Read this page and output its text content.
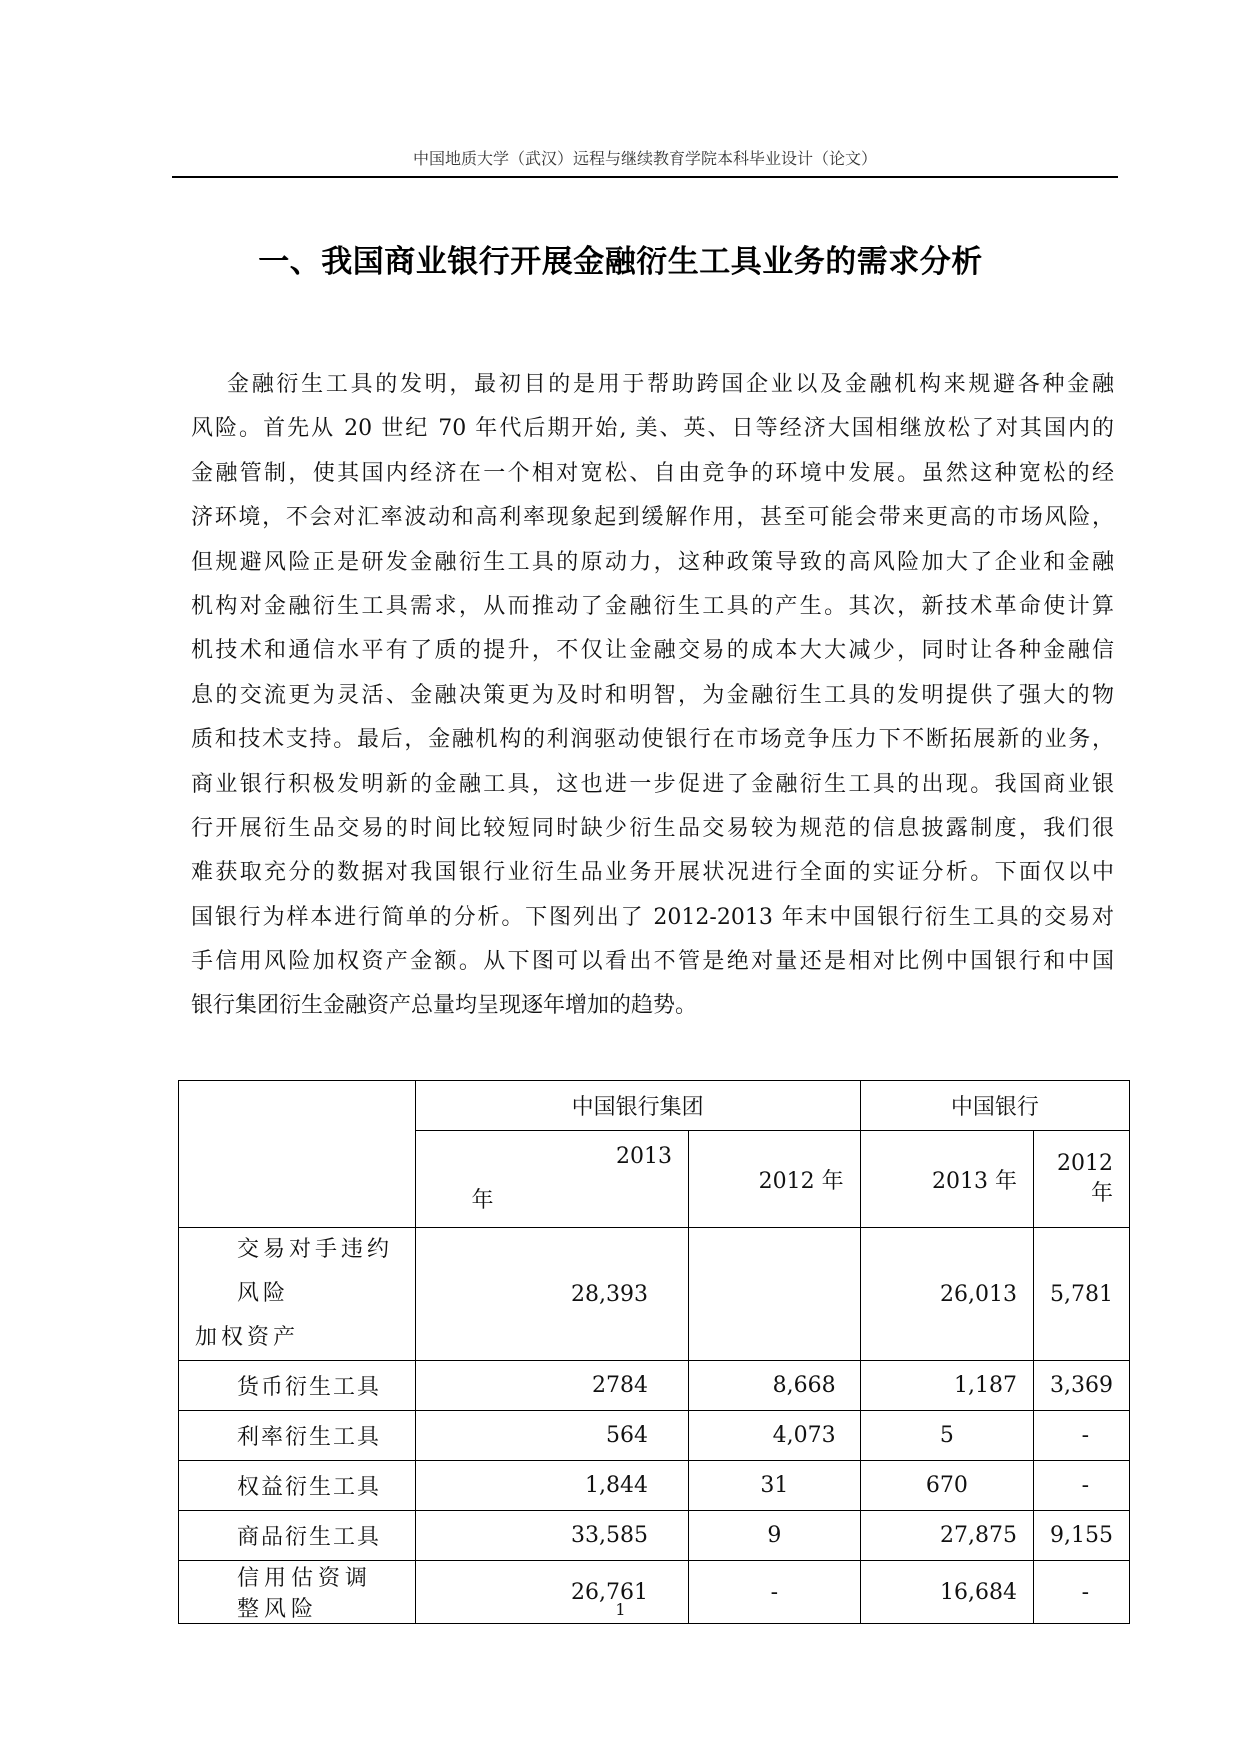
中国地质大学（武汉）远程与继续教育学院本科毕业设计（论文）
一、我国商业银行开展金融衍生工具业务的需求分析
金融衍生工具的发明，最初目的是用于帮助跨国企业以及金融机构来规避各种金融
风险。首先从 20 世纪 70 年代后期开始, 美、英、日等经济大国相继放松了对其国内的
金融管制，使其国内经济在一个相对宽松、自由竞争的环境中发展。虽然这种宽松的经
济环境，不会对汇率波动和高利率现象起到缓解作用，甚至可能会带来更高的市场风险，
但规避风险正是研发金融衍生工具的原动力，这种政策导致的高风险加大了企业和金融
机构对金融衍生工具需求，从而推动了金融衍生工具的产生。其次，新技术革命使计算
机技术和通信水平有了质的提升，不仅让金融交易的成本大大减少，同时让各种金融信
息的交流更为灵活、金融决策更为及时和明智，为金融衍生工具的发明提供了强大的物
质和技术支持。最后，金融机构的利润驱动使银行在市场竞争压力下不断拓展新的业务，
商业银行积极发明新的金融工具，这也进一步促进了金融衍生工具的出现。我国商业银
行开展衍生品交易的时间比较短同时缺少衍生品交易较为规范的信息披露制度，我们很
难获取充分的数据对我国银行业衍生品业务开展状况进行全面的实证分析。下面仅以中
国银行为样本进行简单的分析。下图列出了 2012-2013 年末中国银行衍生工具的交易对
手信用风险加权资产金额。从下图可以看出不管是绝对量还是相对比例中国银行和中国
银行集团衍生金融资产总量均呈现逐年增加的趋势。
	中国银行集团		中国银行	

	2013
年	2012 年	2013 年	2012 年

交易对手违约风险
加权资产	28,393		26,013	5,781
货币衍生工具	2784	8,668	1,187	3,369
利率衍生工具	564	4,073	5	-
权益衍生工具	1,844	31	670	-
商品衍生工具	33,585	9	27,875	9,155
信用估资调整风险	26,761	-	16,684	-
1
